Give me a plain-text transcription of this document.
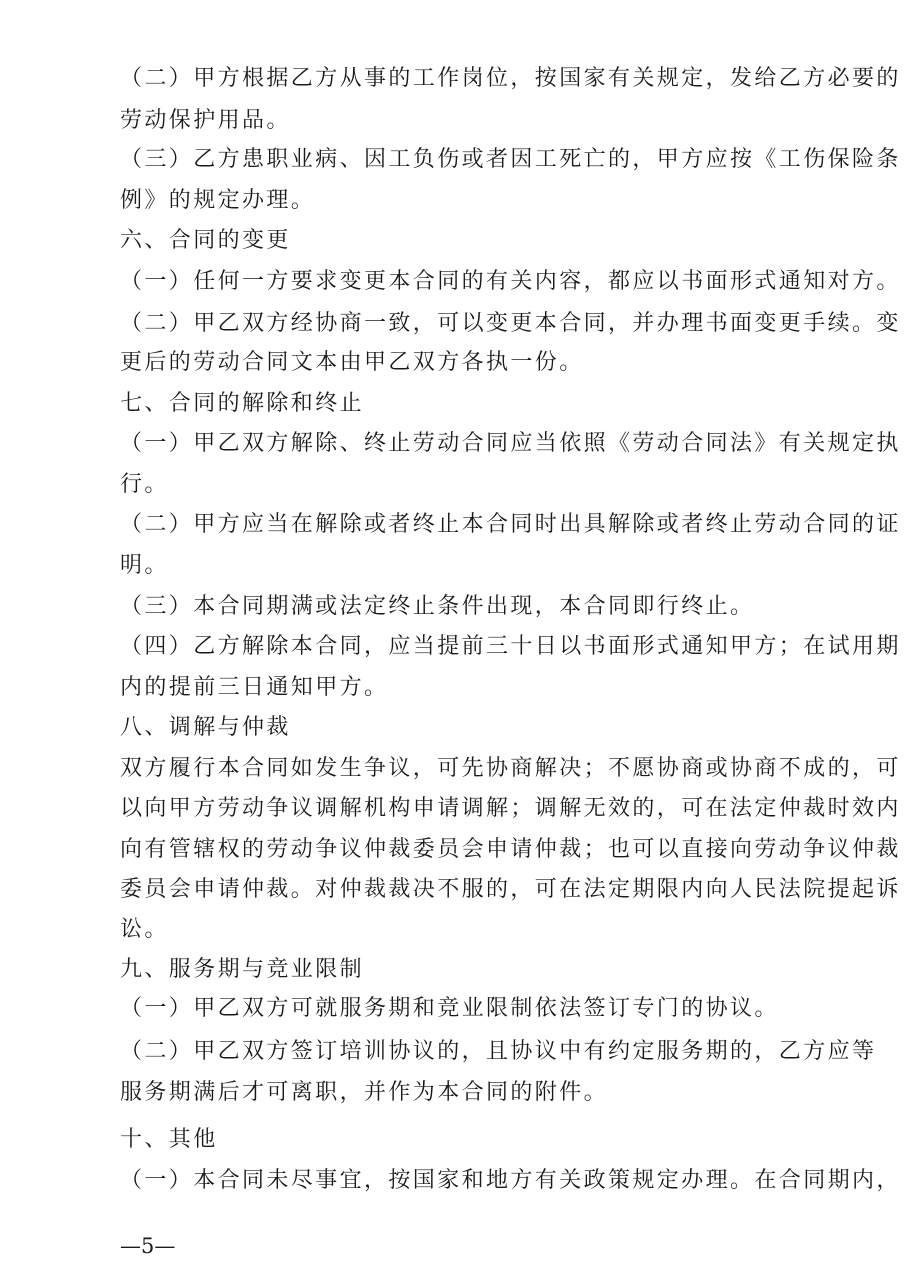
（二）甲方根据乙方从事的工作岗位，按国家有关规定，发给乙方必要的
劳动保护用品。
（三）乙方患职业病、因工负伤或者因工死亡的，甲方应按《工伤保险条
例》的规定办理。
六、合同的变更
（一）任何一方要求变更本合同的有关内容，都应以书面形式通知对方。
（二）甲乙双方经协商一致，可以变更本合同，并办理书面变更手续。变
更后的劳动合同文本由甲乙双方各执一份。
七、合同的解除和终止
（一）甲乙双方解除、终止劳动合同应当依照《劳动合同法》有关规定执
行。
（二）甲方应当在解除或者终止本合同时出具解除或者终止劳动合同的证
明。
（三）本合同期满或法定终止条件出现，本合同即行终止。
（四）乙方解除本合同，应当提前三十日以书面形式通知甲方；在试用期
内的提前三日通知甲方。
八、调解与仲裁
双方履行本合同如发生争议，可先协商解决；不愿协商或协商不成的，可
以向甲方劳动争议调解机构申请调解；调解无效的，可在法定仲裁时效内
向有管辖权的劳动争议仲裁委员会申请仲裁；也可以直接向劳动争议仲裁
委员会申请仲裁。对仲裁裁决不服的，可在法定期限内向人民法院提起诉
讼。
九、服务期与竞业限制
（一）甲乙双方可就服务期和竞业限制依法签订专门的协议。
（二）甲乙双方签订培训协议的，且协议中有约定服务期的，乙方应等
服务期满后才可离职，并作为本合同的附件。
十、其他
（一）本合同未尽事宜，按国家和地方有关政策规定办理。在合同期内，
—5—
